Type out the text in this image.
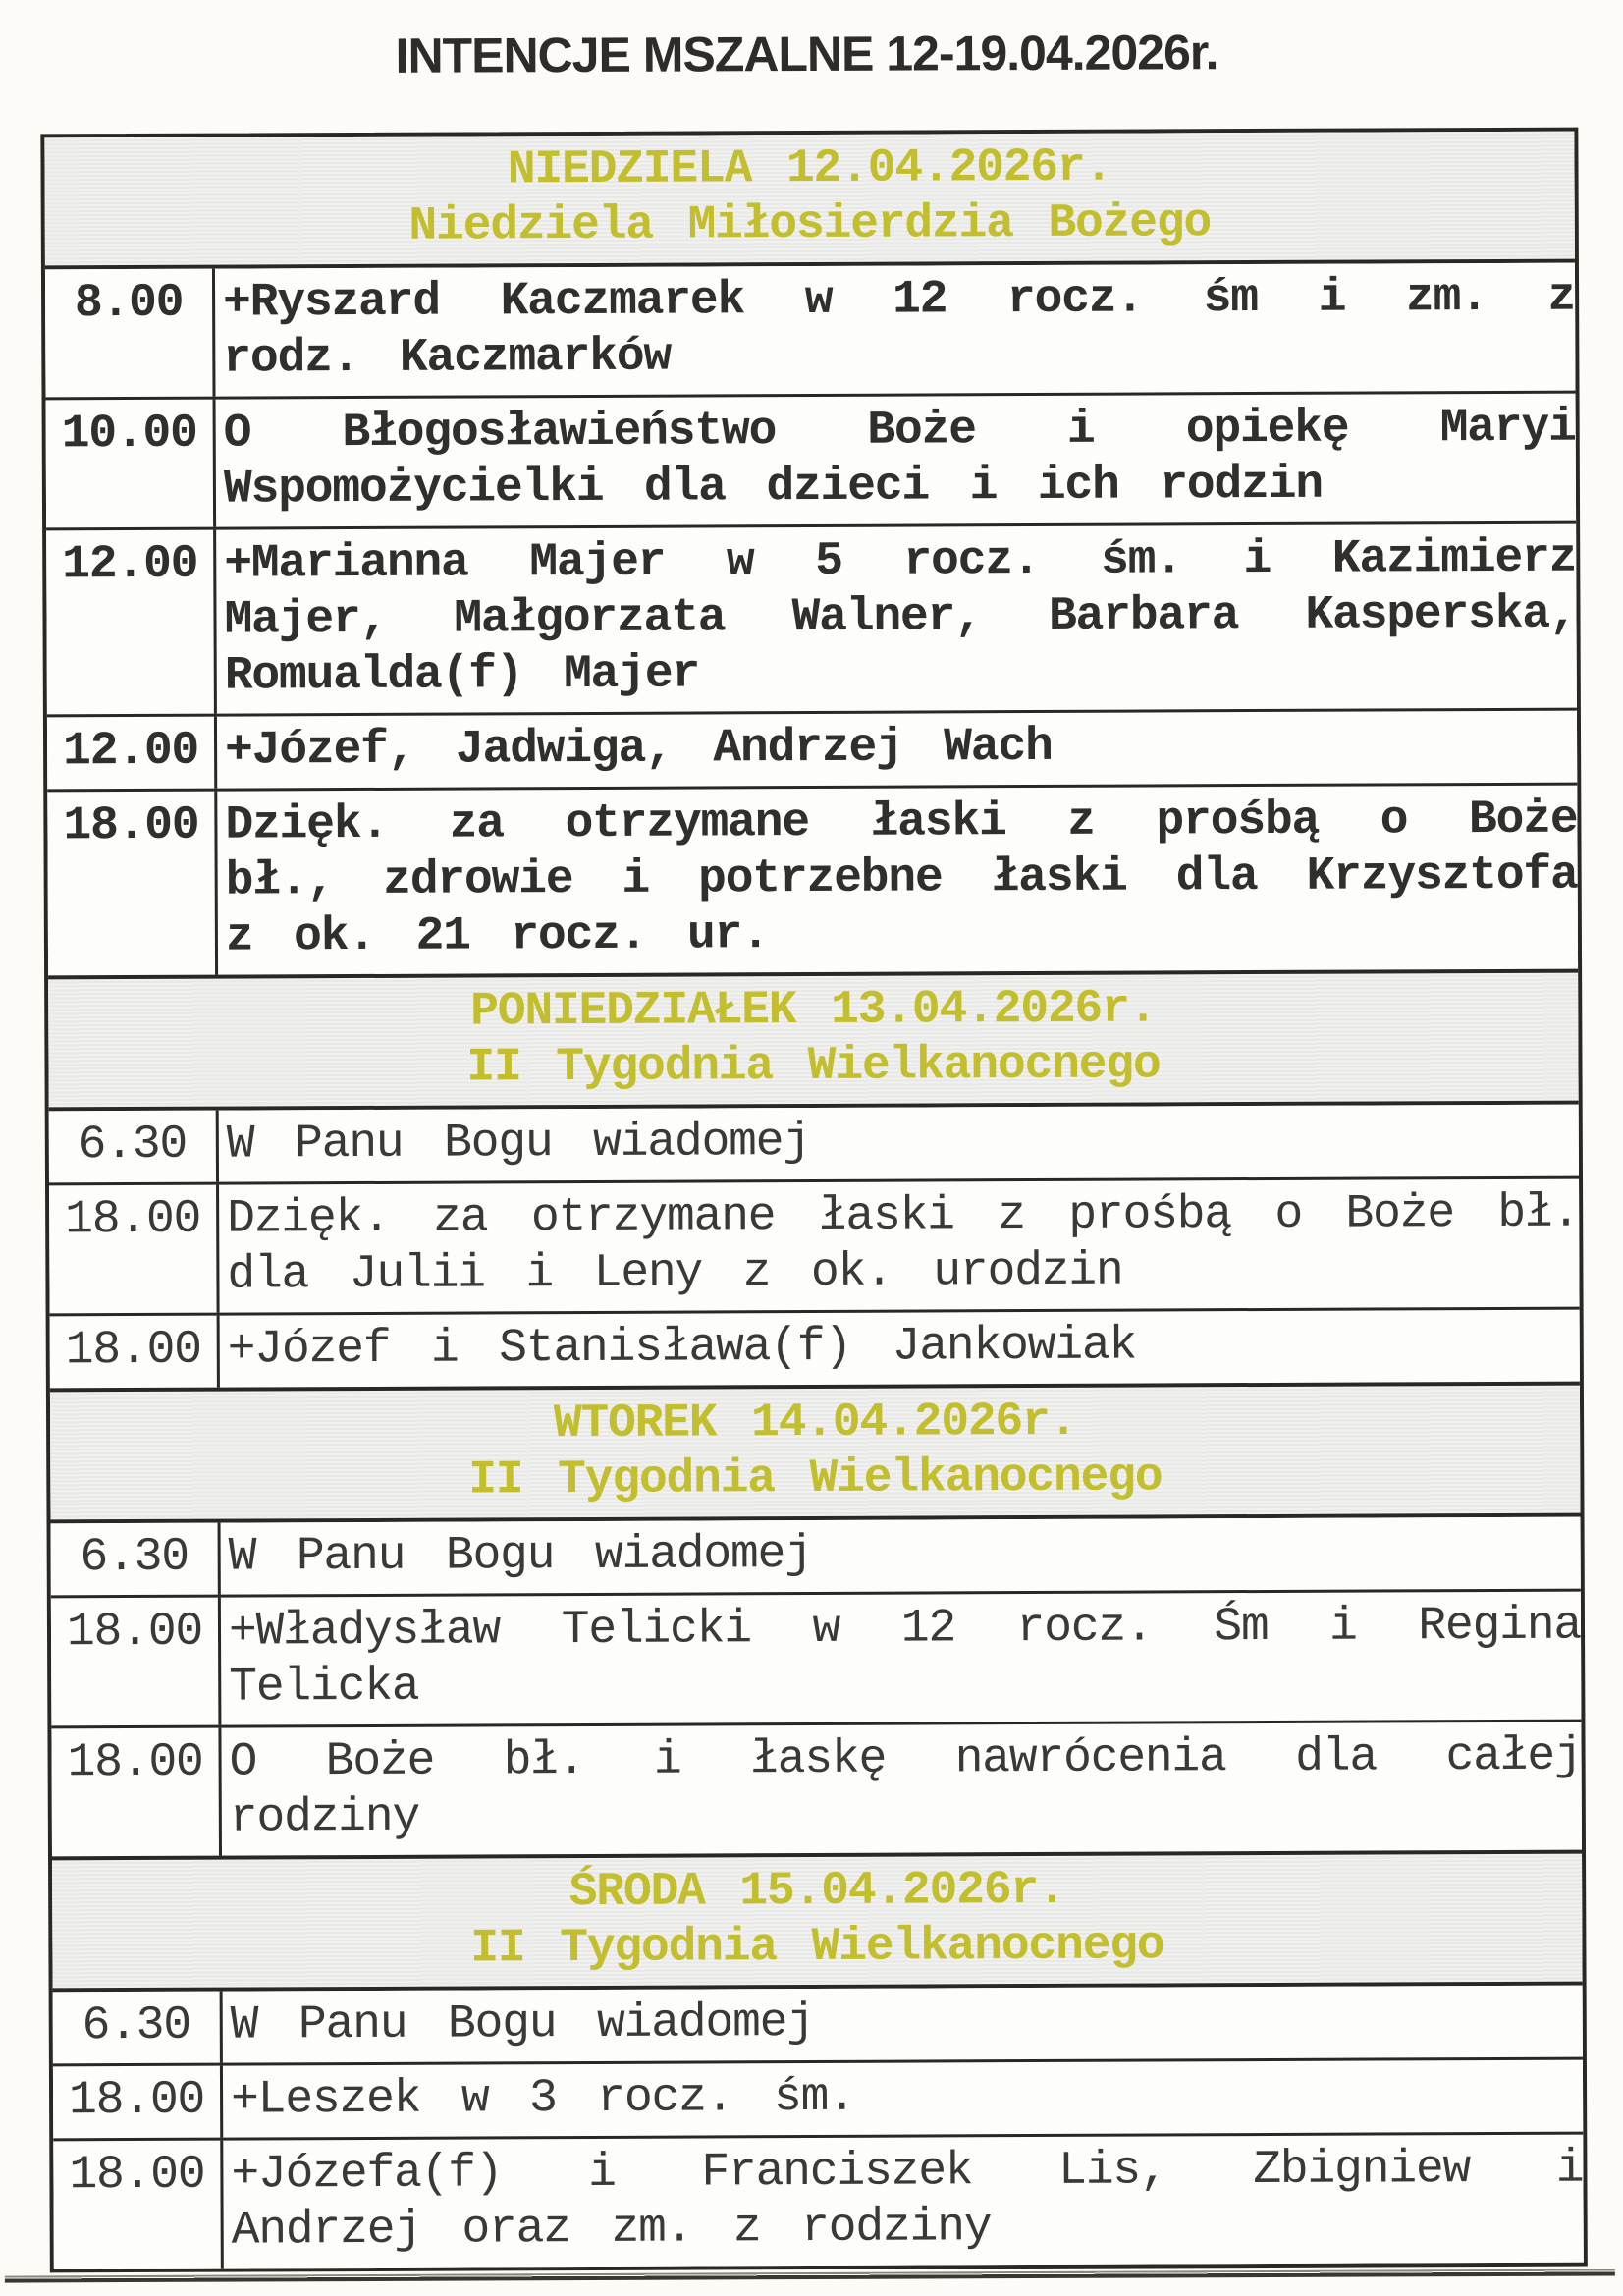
INTENCJE MSZALNE 12-19.04.2026r.
NIEDZIELA 12.04.2026r.
Niedziela Miłosierdzia Bożego
8.00 +Ryszard Kaczmarek w 12 rocz. śm i zm. z rodz. Kaczmarków
10.00 O Błogosławieństwo Boże i opiekę Maryi Wspomożycielki dla dzieci i ich rodzin
12.00 +Marianna Majer w 5 rocz. śm. i Kazimierz Majer, Małgorzata Walner, Barbara Kasperska, Romualda(f) Majer
12.00 +Józef, Jadwiga, Andrzej Wach
18.00 Dzięk. za otrzymane łaski z prośbą o Boże bł., zdrowie i potrzebne łaski dla Krzysztofa z ok. 21 rocz. ur.
PONIEDZIAŁEK 13.04.2026r.
II Tygodnia Wielkanocnego
6.30 W Panu Bogu wiadomej
18.00 Dzięk. za otrzymane łaski z prośbą o Boże bł. dla Julii i Leny z ok. urodzin
18.00 +Józef i Stanisława(f) Jankowiak
WTOREK 14.04.2026r.
II Tygodnia Wielkanocnego
6.30 W Panu Bogu wiadomej
18.00 +Władysław Telicki w 12 rocz. Śm i Regina Telicka
18.00 O Boże bł. i łaskę nawrócenia dla całej rodziny
ŚRODA 15.04.2026r.
II Tygodnia Wielkanocnego
6.30 W Panu Bogu wiadomej
18.00 +Leszek w 3 rocz. śm.
18.00 +Józefa(f) i Franciszek Lis, Zbigniew i Andrzej oraz zm. z rodziny
